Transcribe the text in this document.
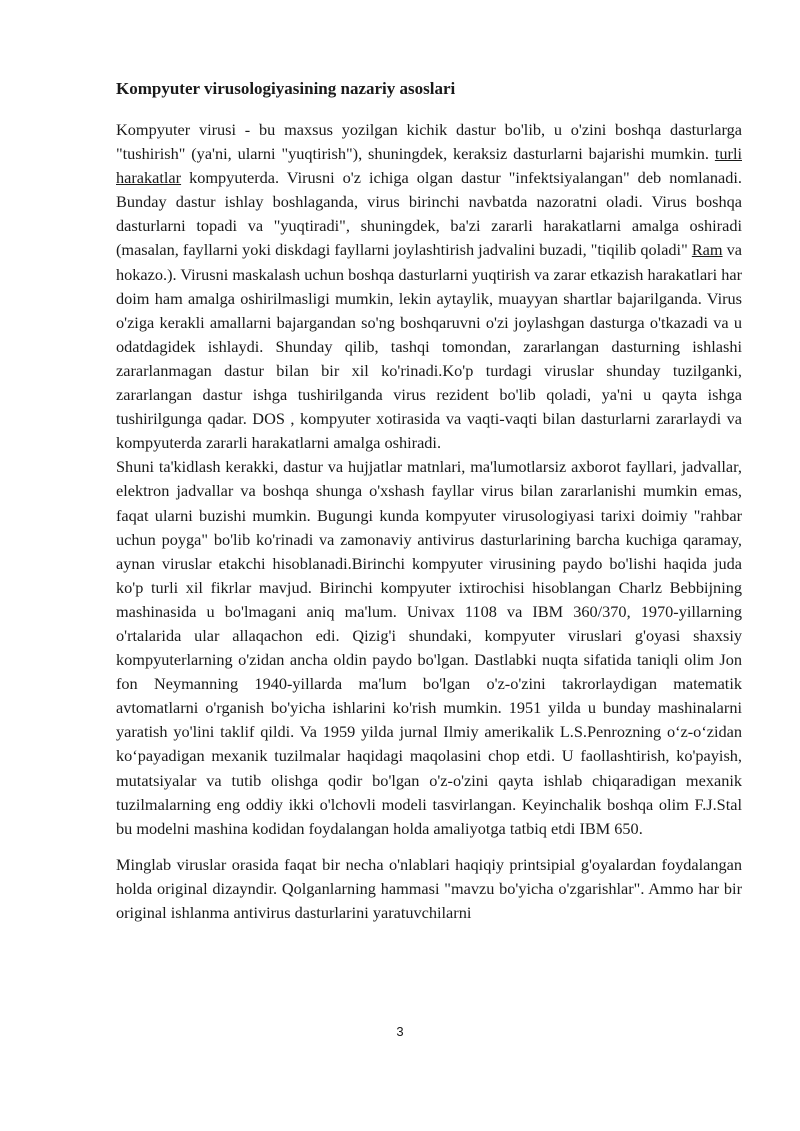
Kompyuter virusologiyasining nazariy asoslari

Kompyuter virusi - bu maxsus yozilgan kichik dastur bo'lib, u o'zini boshqa dasturlarga "tushirish" (ya'ni, ularni "yuqtirish"), shuningdek, keraksiz dasturlarni bajarishi mumkin. turli harakatlar kompyuterda. Virusni o'z ichiga olgan dastur "infektsiyalangan" deb nomlanadi. Bunday dastur ishlay boshlaganda, virus birinchi navbatda nazoratni oladi. Virus boshqa dasturlarni topadi va "yuqtiradi", shuningdek, ba'zi zararli harakatlarni amalga oshiradi (masalan, fayllarni yoki diskdagi fayllarni joylashtirish jadvalini buzadi, "tiqilib qoladi" Ram va hokazo.). Virusni maskalash uchun boshqa dasturlarni yuqtirish va zarar etkazish harakatlari har doim ham amalga oshirilmasligi mumkin, lekin aytaylik, muayyan shartlar bajarilganda. Virus o'ziga kerakli amallarni bajargandan so'ng boshqaruvni o'zi joylashgan dasturga o'tkazadi va u odatdagidek ishlaydi. Shunday qilib, tashqi tomondan, zararlangan dasturning ishlashi zararlanmagan dastur bilan bir xil ko'rinadi.Ko'p turdagi viruslar shunday tuzilganki, zararlangan dastur ishga tushirilganda virus rezident bo'lib qoladi, ya'ni u qayta ishga tushirilgunga qadar. DOS , kompyuter xotirasida va vaqti-vaqti bilan dasturlarni zararlaydi va kompyuterda zararli harakatlarni amalga oshiradi.

Shuni ta'kidlash kerakki, dastur va hujjatlar matnlari, ma'lumotlarsiz axborot fayllari, jadvallar, elektron jadvallar va boshqa shunga o'xshash fayllar virus bilan zararlanishi mumkin emas, faqat ularni buzishi mumkin. Bugungi kunda kompyuter virusologiyasi tarixi doimiy "rahbar uchun poyga" bo'lib ko'rinadi va zamonaviy antivirus dasturlarining barcha kuchiga qaramay, aynan viruslar etakchi hisoblanadi.Birinchi kompyuter virusining paydo bo'lishi haqida juda ko'p turli xil fikrlar mavjud. Birinchi kompyuter ixtirochisi hisoblangan Charlz Bebbijning mashinasida u bo'lmagani aniq ma'lum. Univax 1108 va IBM 360/370, 1970-yillarning o'rtalarida ular allaqachon edi. Qizig'i shundaki, kompyuter viruslari g'oyasi shaxsiy kompyuterlarning o'zidan ancha oldin paydo bo'lgan. Dastlabki nuqta sifatida taniqli olim Jon fon Neymanning 1940-yillarda ma'lum bo'lgan o'z-o'zini takrorlaydigan matematik avtomatlarni o'rganish bo'yicha ishlarini ko'rish mumkin. 1951 yilda u bunday mashinalarni yaratish yo'lini taklif qildi. Va 1959 yilda jurnal Ilmiy amerikalik L.S.Penrozning o‘z-o‘zidan ko‘payadigan mexanik tuzilmalar haqidagi maqolasini chop etdi. U faollashtirish, ko'payish, mutatsiyalar va tutib olishga qodir bo'lgan o'z-o'zini qayta ishlab chiqaradigan mexanik tuzilmalarning eng oddiy ikki o'lchovli modeli tasvirlangan. Keyinchalik boshqa olim F.J.Stal bu modelni mashina kodidan foydalangan holda amaliyotga tatbiq etdi IBM 650.

Minglab viruslar orasida faqat bir necha o'nlablari haqiqiy printsipial g'oyalardan foydalangan holda original dizayndir. Qolganlarning hammasi "mavzu bo'yicha o'zgarishlar". Ammo har bir original ishlanma antivirus dasturlarini yaratuvchilarni

3
